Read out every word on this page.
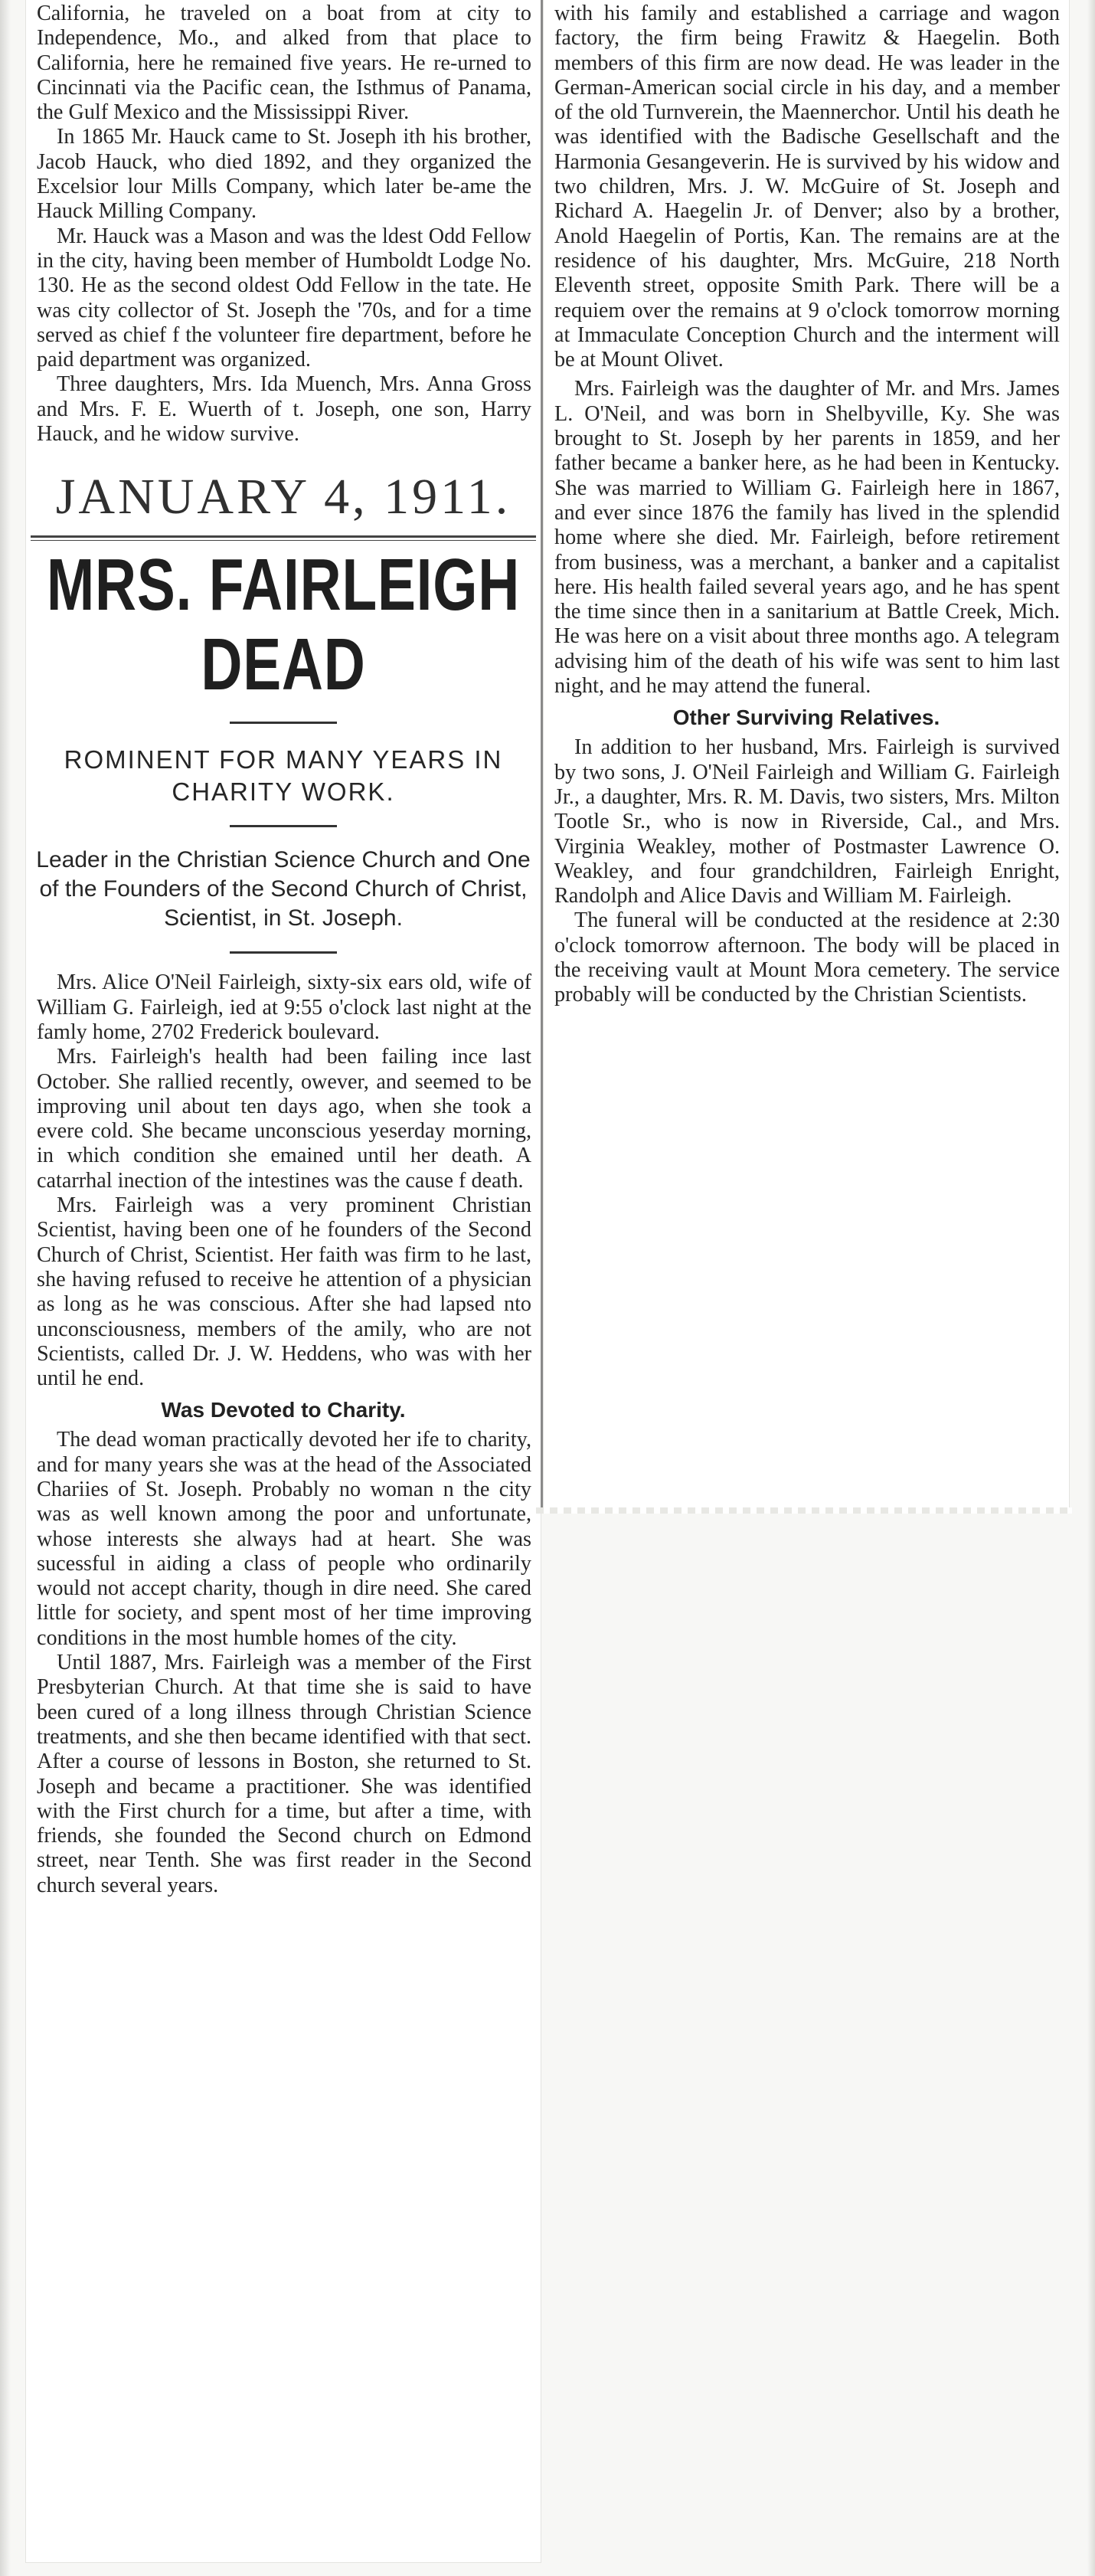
California, he traveled on a boat from at city to Independence, Mo., and alked from that place to California, here he remained five years. He re-urned to Cincinnati via the Pacific cean, the Isthmus of Panama, the Gulf Mexico and the Mississippi River.

In 1865 Mr. Hauck came to St. Joseph ith his brother, Jacob Hauck, who died 1892, and they organized the Excelsior lour Mills Company, which later be-ame the Hauck Milling Company.

Mr. Hauck was a Mason and was the ldest Odd Fellow in the city, having been member of Humboldt Lodge No. 130. He as the second oldest Odd Fellow in the tate. He was city collector of St. Joseph the '70s, and for a time served as chief f the volunteer fire department, before he paid department was organized.

Three daughters, Mrs. Ida Muench, Mrs. Anna Gross and Mrs. F. E. Wuerth of t. Joseph, one son, Harry Hauck, and he widow survive.

JANUARY 4, 1911.
MRS. FAIRLEIGH DEAD
ROMINENT FOR MANY YEARS IN CHARITY WORK.
Leader in the Christian Science Church and One of the Founders of the Second Church of Christ, Scientist, in St. Joseph.

Mrs. Alice O'Neil Fairleigh, sixty-six ears old, wife of William G. Fairleigh, ied at 9:55 o'clock last night at the famly home, 2702 Frederick boulevard.

Mrs. Fairleigh's health had been failing ince last October. She rallied recently, owever, and seemed to be improving unil about ten days ago, when she took a evere cold. She became unconscious yeserday morning, in which condition she emained until her death. A catarrhal inection of the intestines was the cause f death.

Mrs. Fairleigh was a very prominent Christian Scientist, having been one of he founders of the Second Church of Christ, Scientist. Her faith was firm to he last, she having refused to receive he attention of a physician as long as he was conscious. After she had lapsed nto unconsciousness, members of the amily, who are not Scientists, called Dr. J. W. Heddens, who was with her until he end.

Was Devoted to Charity.

The dead woman practically devoted her ife to charity, and for many years she was at the head of the Associated Chariies of St. Joseph. Probably no woman n the city was as well known among the poor and unfortunate, whose interests she always had at heart. She was sucessful in aiding a class of people who ordinarily would not accept charity, though in dire need. She cared little for society, and spent most of her time improving conditions in the most humble homes of the city.

Until 1887, Mrs. Fairleigh was a member of the First Presbyterian Church. At that time she is said to have been cured of a long illness through Christian Science treatments, and she then became identified with that sect. After a course of lessons in Boston, she returned to St. Joseph and became a practitioner. She was identified with the First church for a time, but after a time, with friends, she founded the Second church on Edmond street, near Tenth. She was first reader in the Second church several years.

with his family and established a carriage and wagon factory, the firm being Frawitz & Haegelin. Both members of this firm are now dead. He was leader in the German-American social circle in his day, and a member of the old Turnverein, the Maennerchor. Until his death he was identified with the Badische Gesellschaft and the Harmonia Gesangeverin. He is survived by his widow and two children, Mrs. J. W. McGuire of St. Joseph and Richard A. Haegelin Jr. of Denver; also by a brother, Anold Haegelin of Portis, Kan. The remains are at the residence of his daughter, Mrs. McGuire, 218 North Eleventh street, opposite Smith Park. There will be a requiem over the remains at 9 o'clock tomorrow morning at Immaculate Conception Church and the interment will be at Mount Olivet.

Mrs. Fairleigh was the daughter of Mr. and Mrs. James L. O'Neil, and was born in Shelbyville, Ky. She was brought to St. Joseph by her parents in 1859, and her father became a banker here, as he had been in Kentucky. She was married to William G. Fairleigh here in 1867, and ever since 1876 the family has lived in the splendid home where she died. Mr. Fairleigh, before retirement from business, was a merchant, a banker and a capitalist here. His health failed several years ago, and he has spent the time since then in a sanitarium at Battle Creek, Mich. He was here on a visit about three months ago. A telegram advising him of the death of his wife was sent to him last night, and he may attend the funeral.

Other Surviving Relatives.

In addition to her husband, Mrs. Fairleigh is survived by two sons, J. O'Neil Fairleigh and William G. Fairleigh Jr., a daughter, Mrs. R. M. Davis, two sisters, Mrs. Milton Tootle Sr., who is now in Riverside, Cal., and Mrs. Virginia Weakley, mother of Postmaster Lawrence O. Weakley, and four grandchildren, Fairleigh Enright, Randolph and Alice Davis and William M. Fairleigh.

The funeral will be conducted at the residence at 2:30 o'clock tomorrow afternoon. The body will be placed in the receiving vault at Mount Mora cemetery. The service probably will be conducted by the Christian Scientists.
